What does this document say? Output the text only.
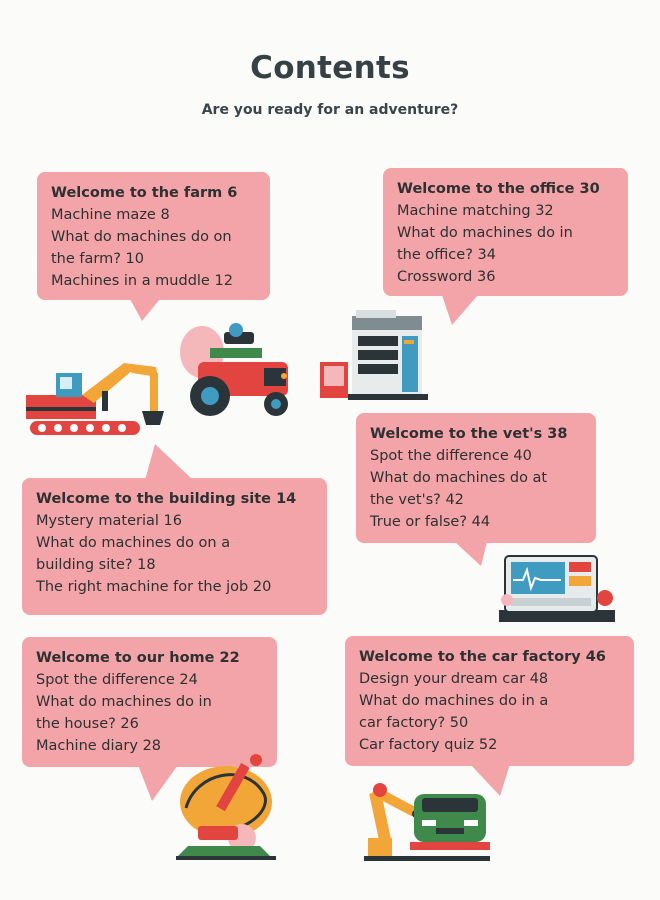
Contents
Are you ready for an adventure?
Welcome to the farm 6
Machine maze 8
What do machines do on
the farm? 10
Machines in a muddle 12
Welcome to the office 30
Machine matching 32
What do machines do in
the office? 34
Crossword 36
Welcome to the vet's 38
Spot the difference 40
What do machines do at
the vet's? 42
True or false? 44
Welcome to the building site 14
Mystery material 16
What do machines do on a
building site? 18
The right machine for the job 20
Welcome to our home 22
Spot the difference 24
What do machines do in
the house? 26
Machine diary 28
Welcome to the car factory 46
Design your dream car 48
What do machines do in a
car factory? 50
Car factory quiz 52
